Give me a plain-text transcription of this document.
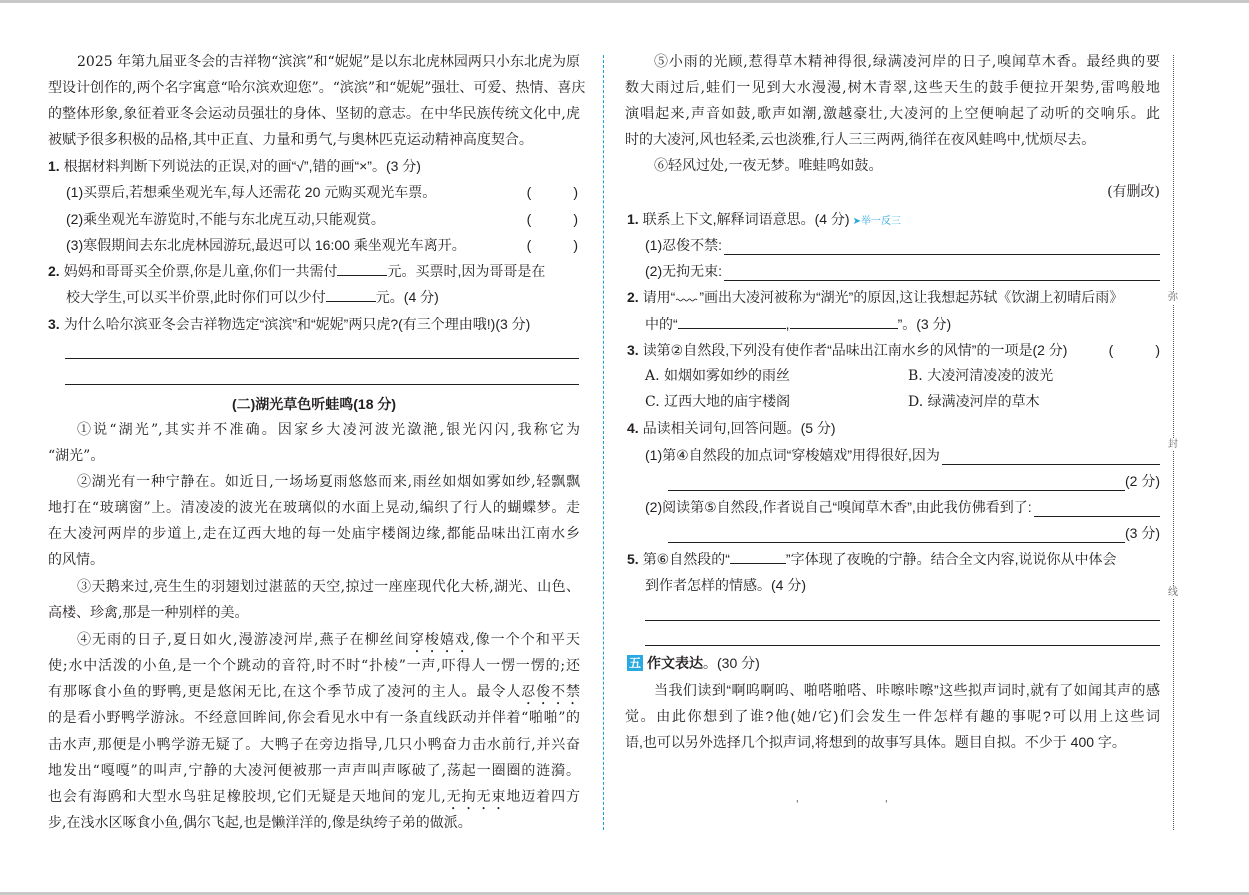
弥
封
线
2025 年第九届亚冬会的吉祥物“滨滨”和“妮妮”是以东北虎林园两只小东北虎为原
型设计创作的,两个名字寓意“哈尔滨欢迎您”。“滨滨”和“妮妮”强壮、可爱、热情、喜庆
的整体形象,象征着亚冬会运动员强壮的身体、坚韧的意志。在中华民族传统文化中,虎
被赋予很多积极的品格,其中正直、力量和勇气,与奥林匹克运动精神高度契合。
1. 根据材料判断下列说法的正误,对的画“√”,错的画“×”。(3 分)
(1)买票后,若想乘坐观光车,每人还需花 20 元购买观光车票。	(　　　)
(2)乘坐观光车游览时,不能与东北虎互动,只能观赏。	(　　　)
(3)寒假期间去东北虎林园游玩,最迟可以 16:00 乘坐观光车离开。	(　　　)
2. 妈妈和哥哥买全价票,你是儿童,你们一共需付	元。买票时,因为哥哥是在
校大学生,可以买半价票,此时你们可以少付	元。(4 分)
3. 为什么哈尔滨亚冬会吉祥物选定“滨滨”和“妮妮”两只虎?(有三个理由哦!)(3 分)
(二)湖光草色听蛙鸣(18 分)
①说“湖光”,其实并不准确。因家乡大凌河波光潋滟,银光闪闪,我称它为
“湖光”。
②湖光有一种宁静在。如近日,一场场夏雨悠悠而来,雨丝如烟如雾如纱,轻飘飘
地打在“玻璃窗”上。清凌凌的波光在玻璃似的水面上晃动,编织了行人的蝴蝶梦。走
在大凌河两岸的步道上,走在辽西大地的每一处庙宇楼阁边缘,都能品味出江南水乡
的风情。
③天鹅来过,亮生生的羽翅划过湛蓝的天空,掠过一座座现代化大桥,湖光、山色、
高楼、珍禽,那是一种别样的美。
④无雨的日子,夏日如火,漫游凌河岸,燕子在柳丝间穿梭嬉戏,像一个个和平天
使;水中活泼的小鱼,是一个个跳动的音符,时不时“扑棱”一声,吓得人一愣一愣的;还
有那啄食小鱼的野鸭,更是悠闲无比,在这个季节成了凌河的主人。最令人忍俊不禁
的是看小野鸭学游泳。不经意回眸间,你会看见水中有一条直线跃动并伴着“啪啪”的
击水声,那便是小鸭学游无疑了。大鸭子在旁边指导,几只小鸭奋力击水前行,并兴奋
地发出“嘎嘎”的叫声,宁静的大凌河便被那一声声叫声啄破了,荡起一圈圈的涟漪。
也会有海鸥和大型水鸟驻足橡胶坝,它们无疑是天地间的宠儿,无拘无束地迈着四方
步,在浅水区啄食小鱼,偶尔飞起,也是懒洋洋的,像是纨绔子弟的做派。
⑤小雨的光顾,惹得草木精神得很,绿满凌河岸的日子,嗅闻草木香。最经典的要
数大雨过后,蛙们一见到大水漫漫,树木青翠,这些天生的鼓手便拉开架势,雷鸣般地
演唱起来,声音如鼓,歌声如潮,激越豪壮,大凌河的上空便响起了动听的交响乐。此
时的大凌河,风也轻柔,云也淡雅,行人三三两两,徜徉在夜风蛙鸣中,忧烦尽去。
⑥轻风过处,一夜无梦。唯蛙鸣如鼓。
(有删改)
1. 联系上下文,解释词语意思。(4 分) ➤举一反三
(1)忍俊不禁:
(2)无拘无束:
2. 请用“ ”画出大凌河被称为“湖光”的原因,这让我想起苏轼《饮湖上初晴后雨》
中的“	,	”。(3 分)
3. 读第②自然段,下列没有使作者“品味出江南水乡的风情”的一项是(2 分)	(　　　)
A. 如烟如雾如纱的雨丝	B. 大凌河清凌凌的波光
C. 辽西大地的庙宇楼阁	D. 绿满凌河岸的草木
4. 品读相关词句,回答问题。(5 分)
(1)第④自然段的加点词“穿梭嬉戏”用得很好,因为
(2 分)
(2)阅读第⑤自然段,作者说自己“嗅闻草木香”,由此我仿佛看到了:
(3 分)
5. 第⑥自然段的“	”字体现了夜晚的宁静。结合全文内容,说说你从中体会
到作者怎样的情感。(4 分)
五 作文表达。(30 分)
当我们读到“啊呜啊呜、啪嗒啪嗒、咔嚓咔嚓”这些拟声词时,就有了如闻其声的感
觉。由此你想到了谁?他(她/它)们会发生一件怎样有趣的事呢?可以用上这些词
语,也可以另外选择几个拟声词,将想到的故事写具体。题目自拟。不少于 400 字。
'	'
